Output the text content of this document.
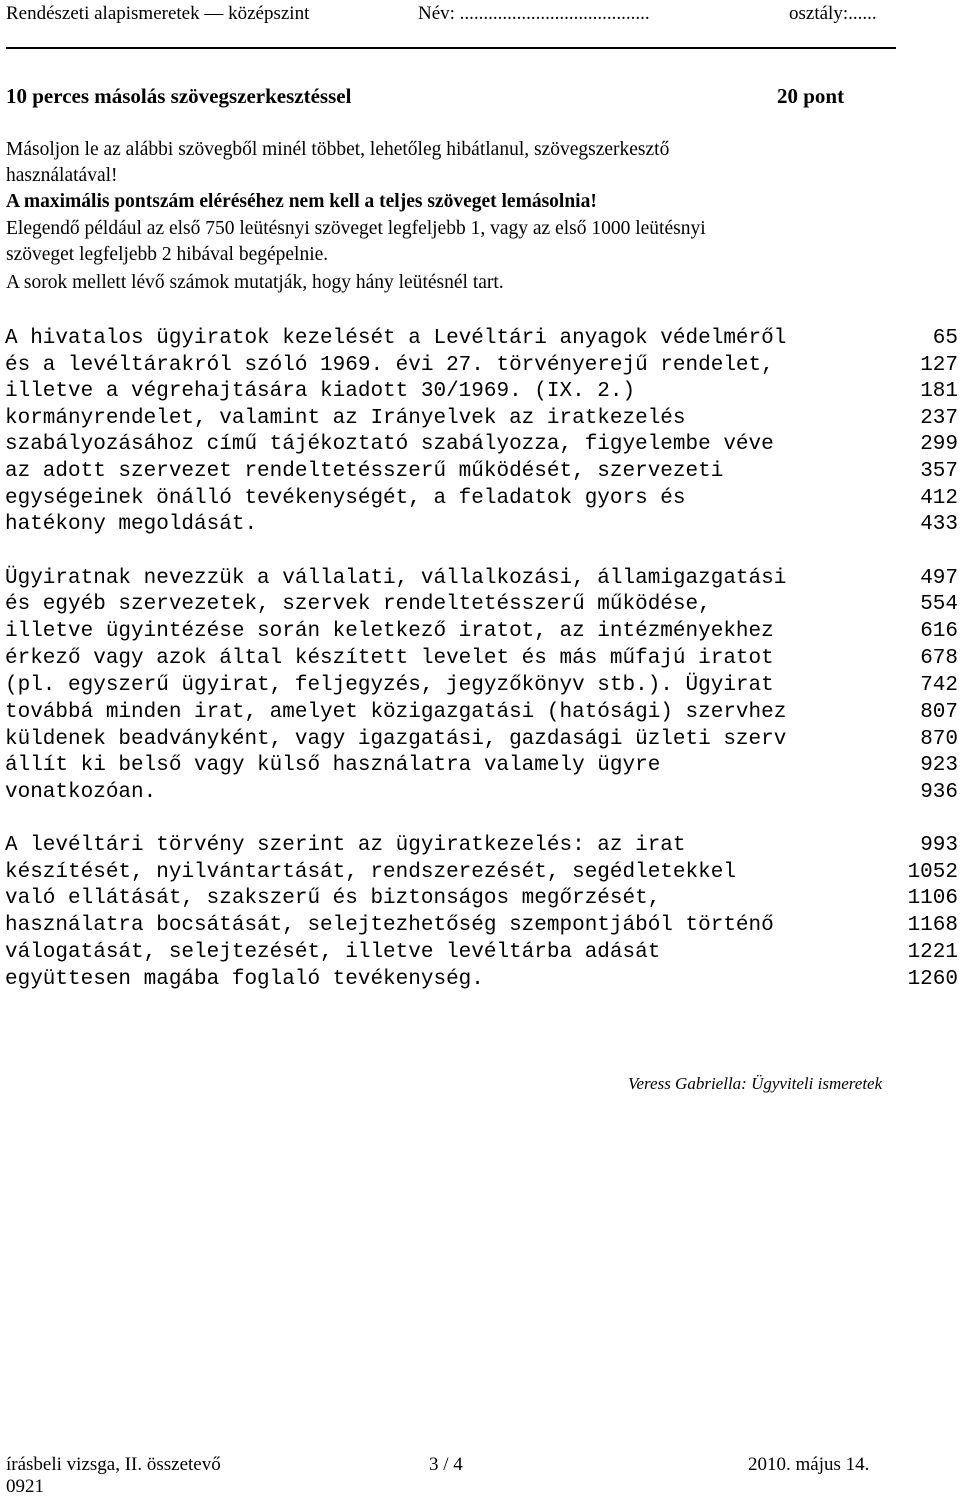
Rendészeti alapismeretek — középszint	Név: ........................................	osztály:......
10 perces másolás szövegszerkesztéssel	20 pont
Másoljon le az alábbi szövegből minél többet, lehetőleg hibátlanul, szövegszerkesztő
használatával!
A maximális pontszám eléréséhez nem kell a teljes szöveget lemásolnia!
Elegendő például az első 750 leütésnyi szöveget legfeljebb 1, vagy az első 1000 leütésnyi
szöveget legfeljebb 2 hibával begépelnie.
A sorok mellett lévő számok mutatják, hogy hány leütésnél tart.
A hivatalos ügyiratok kezelését a Levéltári anyagok védelméről	65
és a levéltárakról szóló 1969. évi 27. törvényerejű rendelet,	127
illetve a végrehajtására kiadott 30/1969. (IX. 2.)	181
kormányrendelet, valamint az Irányelvek az iratkezelés	237
szabályozásához című tájékoztató szabályozza, figyelembe véve	299
az adott szervezet rendeltetésszerű működését, szervezeti	357
egységeinek önálló tevékenységét, a feladatok gyors és	412
hatékony megoldását.	433
Ügyiratnak nevezzük a vállalati, vállalkozási, államigazgatási	497
és egyéb szervezetek, szervek rendeltetésszerű működése,	554
illetve ügyintézése során keletkező iratot, az intézményekhez	616
érkező vagy azok által készített levelet és más műfajú iratot	678
(pl. egyszerű ügyirat, feljegyzés, jegyzőkönyv stb.). Ügyirat	742
továbbá minden irat, amelyet közigazgatási (hatósági) szervhez	807
küldenek beadványként, vagy igazgatási, gazdasági üzleti szerv	870
állít ki belső vagy külső használatra valamely ügyre	923
vonatkozóan.	936
A levéltári törvény szerint az ügyiratkezelés: az irat	993
készítését, nyilvántartását, rendszerezését, segédletekkel	1052
való ellátását, szakszerű és biztonságos megőrzését,	1106
használatra bocsátását, selejtezhetőség szempontjából történő	1168
válogatását, selejtezését, illetve levéltárba adását	1221
együttesen magába foglaló tevékenység.	1260
Veress Gabriella: Ügyviteli ismeretek
írásbeli vizsga, II. összetevő	3 / 4	2010. május 14.
0921
